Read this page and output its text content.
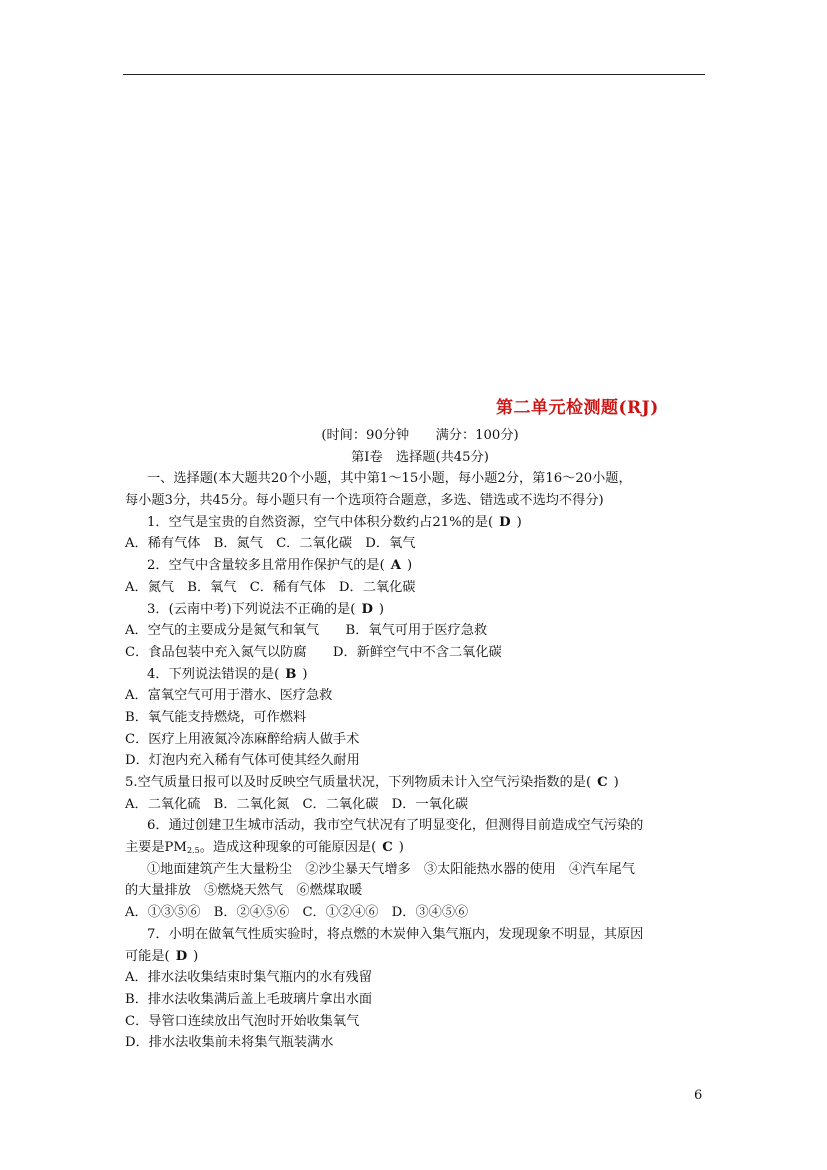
第二单元检测题(RJ)
(时间：90分钟　　满分：100分)
第Ⅰ卷　选择题(共45分)
一、选择题(本大题共20个小题，其中第1～15小题，每小题2分，第16～20小题，
每小题3分，共45分。每小题只有一个选项符合题意，多选、错选或不选均不得分)
1．空气是宝贵的自然资源，空气中体积分数约占21%的是( D )
A．稀有气体　B．氮气　C．二氧化碳　D．氧气
2．空气中含量较多且常用作保护气的是( A )
A．氮气　B．氧气　C．稀有气体　D．二氧化碳
3．(云南中考)下列说法不正确的是( D )
A．空气的主要成分是氮气和氧气　　B．氧气可用于医疗急救
C．食品包装中充入氮气以防腐　　D．新鲜空气中不含二氧化碳
4．下列说法错误的是( B )
A．富氧空气可用于潜水、医疗急救
B．氧气能支持燃烧，可作燃料
C．医疗上用液氮冷冻麻醉给病人做手术
D．灯泡内充入稀有气体可使其经久耐用
5.空气质量日报可以及时反映空气质量状况，下列物质未计入空气污染指数的是( C )
A．二氧化硫　B．二氧化氮　C．二氧化碳　D．一氧化碳
6．通过创建卫生城市活动，我市空气状况有了明显变化，但测得目前造成空气污染的
主要是$PM_{2.5}$。造成这种现象的可能原因是( C )
①地面建筑产生大量粉尘　②沙尘暴天气增多　③太阳能热水器的使用　④汽车尾气
的大量排放　⑤燃烧天然气　⑥燃煤取暖
A．①③⑤⑥　B．②④⑤⑥　C．①②④⑥　D．③④⑤⑥
7．小明在做氧气性质实验时，将点燃的木炭伸入集气瓶内，发现现象不明显，其原因
可能是( D )
A．排水法收集结束时集气瓶内的水有残留
B．排水法收集满后盖上毛玻璃片拿出水面
C．导管口连续放出气泡时开始收集氧气
D．排水法收集前未将集气瓶装满水
6
